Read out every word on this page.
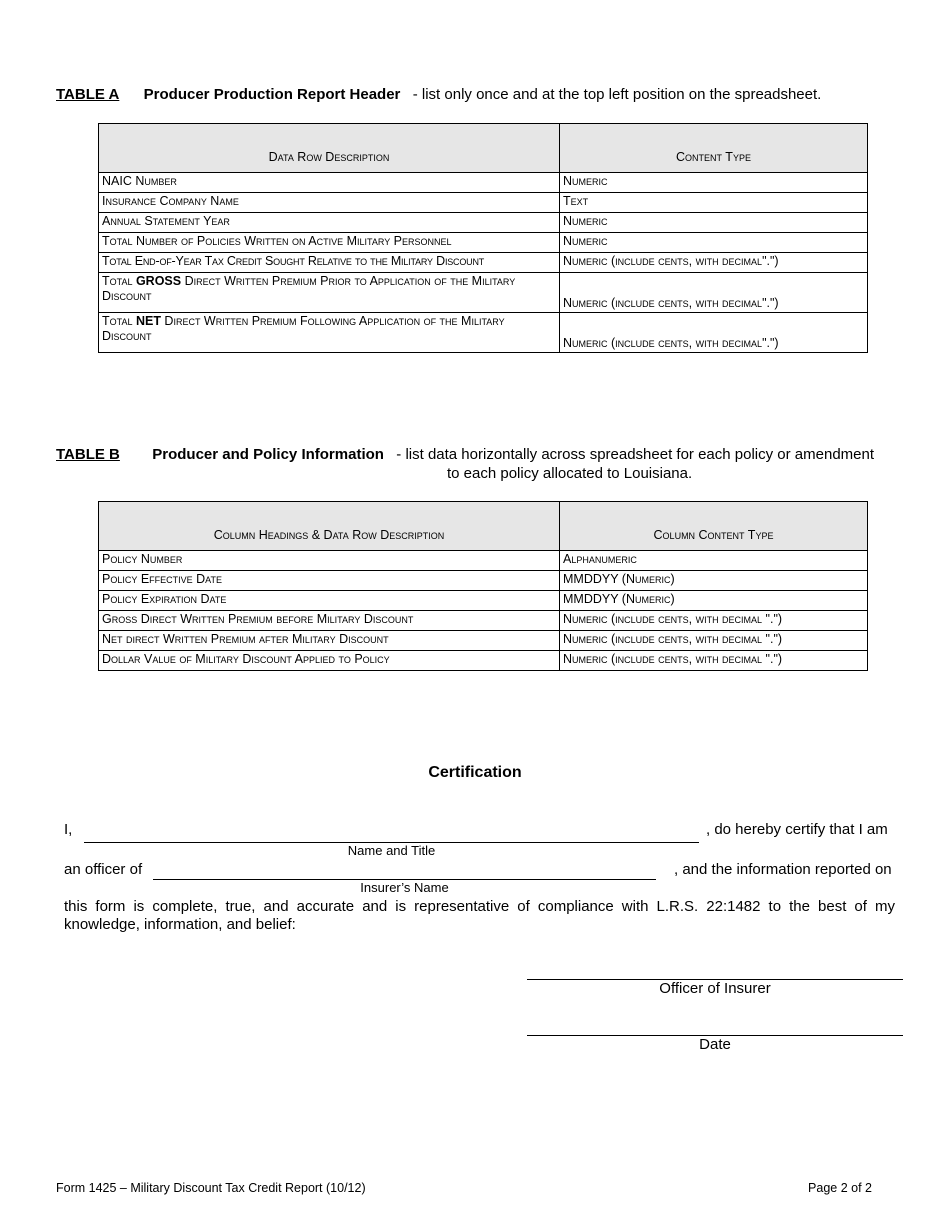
TABLE A Producer Production Report Header - list only once and at the top left position on the spreadsheet.
Data Row Description	Content Type
NAIC Number	Numeric
Insurance Company Name	Text
Annual Statement Year	Numeric
Total Number of Policies Written on Active Military Personnel	Numeric
Total End-of-Year Tax Credit Sought Relative to the Military Discount	Numeric (include cents, with decimal".")
Total GROSS Direct Written Premium Prior to Application of the Military Discount	Numeric (include cents, with decimal".")
Total NET Direct Written Premium Following Application of the Military Discount	Numeric (include cents, with decimal".")
TABLE B Producer and Policy Information - list data horizontally across spreadsheet for each policy or amendment
to each policy allocated to Louisiana.
Column Headings & Data Row Description	Column Content Type
Policy Number	Alphanumeric
Policy Effective Date	MMDDYY (Numeric)
Policy Expiration Date	MMDDYY (Numeric)
Gross Direct Written Premium before Military Discount	Numeric (include cents, with decimal ".")
Net direct Written Premium after Military Discount	Numeric (include cents, with decimal ".")
Dollar Value of Military Discount Applied to Policy	Numeric (include cents, with decimal ".")
Certification
I,	, do hereby certify that I am
Name and Title
an officer of	, and the information reported on
Insurer’s Name
this form is complete, true, and accurate and is representative of compliance with L.R.S. 22:1482 to the best of my knowledge, information, and belief:
Officer of Insurer
Date
Form 1425 – Military Discount Tax Credit Report (10/12)	Page 2 of 2
